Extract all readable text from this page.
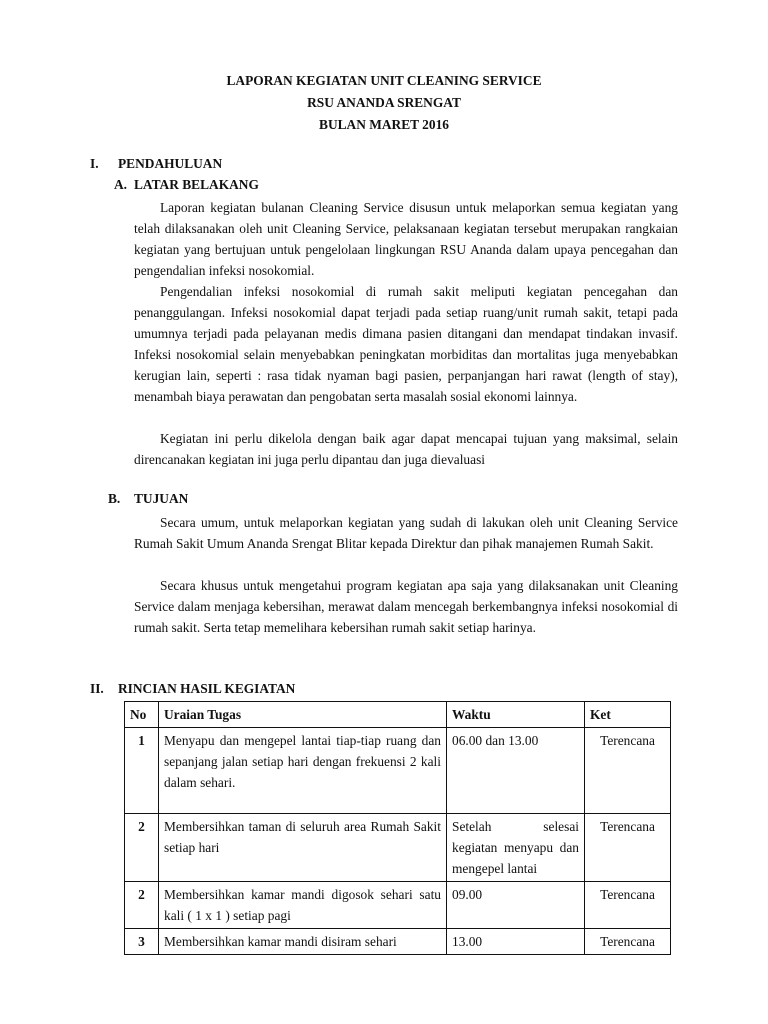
LAPORAN KEGIATAN UNIT CLEANING SERVICE
RSU ANANDA SRENGAT
BULAN MARET 2016
I. PENDAHULUAN
A. LATAR BELAKANG
Laporan kegiatan bulanan Cleaning Service disusun untuk melaporkan semua kegiatan yang telah dilaksanakan oleh unit Cleaning Service, pelaksanaan kegiatan tersebut merupakan rangkaian kegiatan yang bertujuan untuk pengelolaan lingkungan RSU Ananda dalam upaya pencegahan dan pengendalian infeksi nosokomial.
Pengendalian infeksi nosokomial di rumah sakit meliputi kegiatan pencegahan dan penanggulangan. Infeksi nosokomial dapat terjadi pada setiap ruang/unit rumah sakit, tetapi pada umumnya terjadi pada pelayanan medis dimana pasien ditangani dan mendapat tindakan invasif. Infeksi nosokomial selain menyebabkan peningkatan morbiditas dan mortalitas juga menyebabkan kerugian lain, seperti : rasa tidak nyaman bagi pasien, perpanjangan hari rawat (length of stay), menambah biaya perawatan dan pengobatan serta masalah sosial ekonomi lainnya.
Kegiatan ini perlu dikelola dengan baik agar dapat mencapai tujuan yang maksimal, selain direncanakan kegiatan ini juga perlu dipantau dan juga dievaluasi
B. TUJUAN
Secara umum, untuk melaporkan kegiatan yang sudah di lakukan oleh unit Cleaning Service Rumah Sakit Umum Ananda Srengat Blitar kepada Direktur dan pihak manajemen Rumah Sakit.
Secara khusus untuk mengetahui program kegiatan apa saja yang dilaksanakan unit Cleaning Service dalam menjaga kebersihan, merawat dalam mencegah berkembangnya infeksi nosokomial di rumah sakit. Serta tetap memelihara kebersihan rumah sakit setiap harinya.
II. RINCIAN HASIL KEGIATAN
No	Uraian Tugas	Waktu	Ket
1	Menyapu dan mengepel lantai tiap-tiap ruang dan sepanjang jalan setiap hari dengan frekuensi 2 kali dalam sehari.	06.00 dan 13.00	Terencana
2	Membersihkan taman di seluruh area Rumah Sakit setiap hari	Setelah selesai kegiatan menyapu dan mengepel lantai	Terencana
2	Membersihkan kamar mandi digosok sehari satu kali ( 1 x 1 ) setiap pagi	09.00	Terencana
3	Membersihkan kamar mandi disiram sehari	13.00	Terencana
